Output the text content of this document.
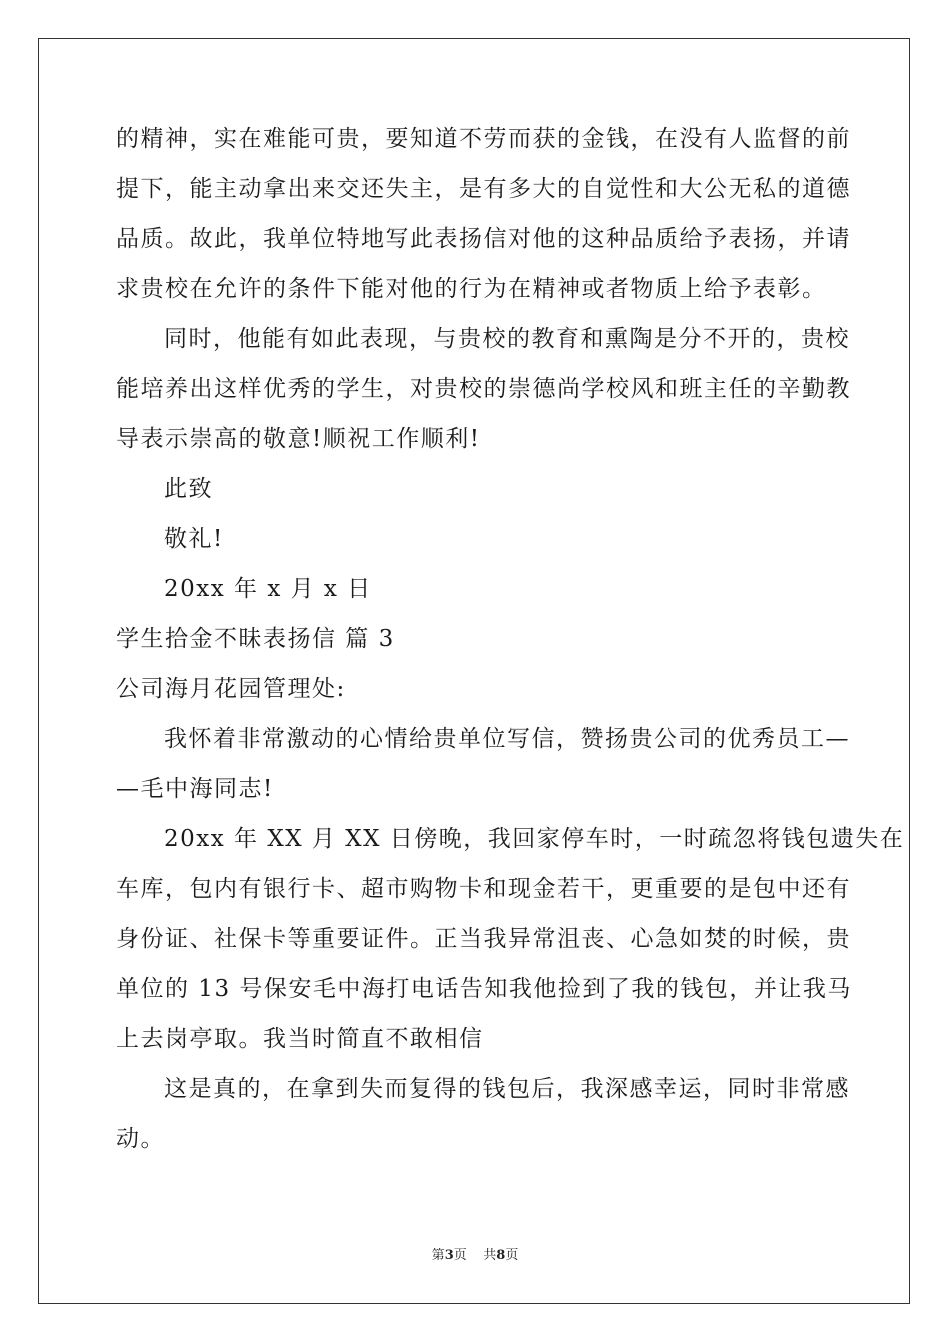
的精神，实在难能可贵，要知道不劳而获的金钱，在没有人监督的前
提下，能主动拿出来交还失主，是有多大的自觉性和大公无私的道德
品质。故此，我单位特地写此表扬信对他的这种品质给予表扬，并请
求贵校在允许的条件下能对他的行为在精神或者物质上给予表彰。
同时，他能有如此表现，与贵校的教育和熏陶是分不开的，贵校
能培养出这样优秀的学生，对贵校的崇德尚学校风和班主任的辛勤教
导表示崇高的敬意!顺祝工作顺利!
此致
敬礼!
20xx 年 x 月 x 日
学生拾金不昧表扬信 篇 3
公司海月花园管理处:
我怀着非常激动的心情给贵单位写信，赞扬贵公司的优秀员工—
—毛中海同志!
20xx 年 XX 月 XX 日傍晚，我回家停车时，一时疏忽将钱包遗失在
车库，包内有银行卡、超市购物卡和现金若干，更重要的是包中还有
身份证、社保卡等重要证件。正当我异常沮丧、心急如焚的时候，贵
单位的 13 号保安毛中海打电话告知我他捡到了我的钱包，并让我马
上去岗亭取。我当时简直不敢相信
这是真的，在拿到失而复得的钱包后，我深感幸运，同时非常感
动。
第3页    共8页
